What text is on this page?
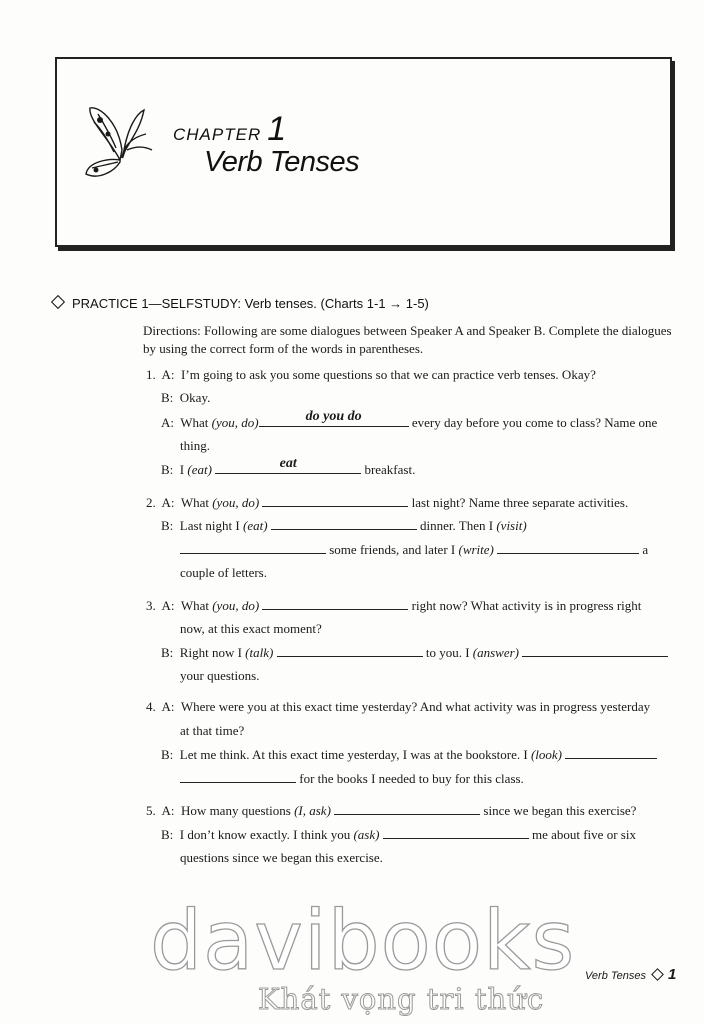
CHAPTER 1
Verb Tenses
PRACTICE 1—SELFSTUDY: Verb tenses. (Charts 1-1 → 1-5)
Directions: Following are some dialogues between Speaker A and Speaker B. Complete the dialogues by using the correct form of the words in parentheses.
1. A: I’m going to ask you some questions so that we can practice verb tenses. Okay?
B: Okay.
A: What (you, do)	do you do	every day before you come to class? Name one
thing.
B: I (eat)	eat	breakfast.
2. A: What (you, do)	last night? Name three separate activities.
B: Last night I (eat)	dinner. Then I (visit)
some friends, and later I (write)	a
couple of letters.
3. A: What (you, do)	right now? What activity is in progress right
now, at this exact moment?
B: Right now I (talk)	to you. I (answer)
your questions.
4. A: Where were you at this exact time yesterday? And what activity was in progress yesterday
at that time?
B: Let me think. At this exact time yesterday, I was at the bookstore. I (look)
for the books I needed to buy for this class.
5. A: How many questions (I, ask)	since we began this exercise?
B: I don’t know exactly. I think you (ask)	me about five or six
questions since we began this exercise.
davibooks
Khát vọng tri thức
Verb Tenses 1
